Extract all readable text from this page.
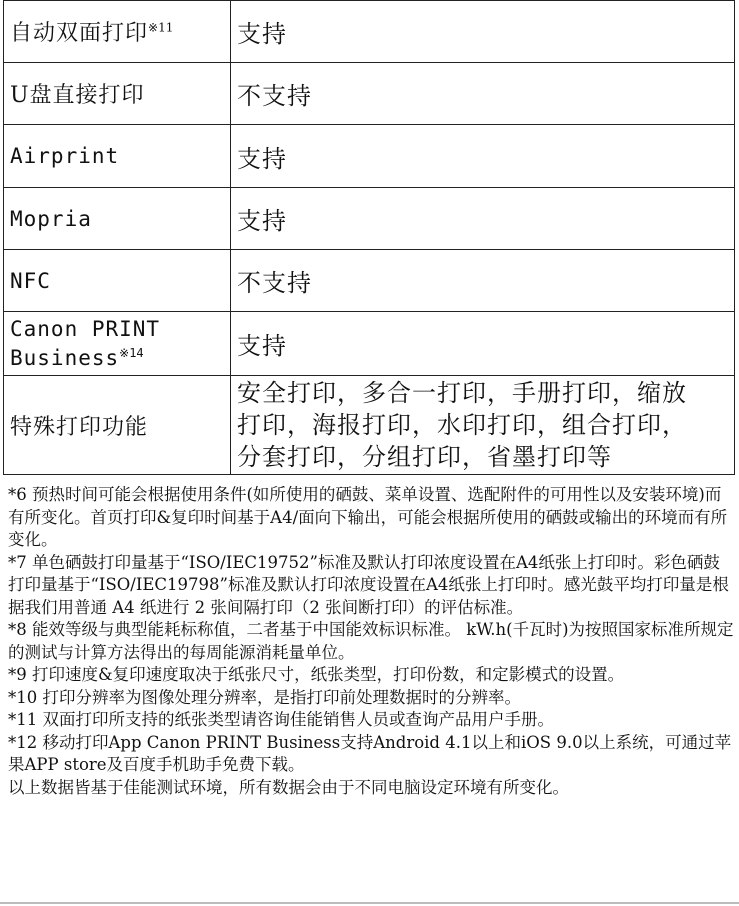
自动双面打印$^{※11}$	支持
U盘直接打印	不支持
Airprint	支持
Mopria	支持
NFC	不支持
Canon PRINT
Business$^{※14}$	支持
特殊打印功能	安全打印，多合一打印，手册打印，缩放
打印，海报打印，水印打印，组合打印，
分套打印，分组打印，省墨打印等

*6 预热时间可能会根据使用条件(如所使用的硒鼓、菜单设置、选配附件的可用性以及安装环境)而有所变化。首页打印&复印时间基于A4/面向下输出，可能会根据所使用的硒鼓或输出的环境而有所变化。

*7 单色硒鼓打印量基于“ISO/IEC19752”标准及默认打印浓度设置在A4纸张上打印时。彩色硒鼓打印量基于“ISO/IEC19798”标准及默认打印浓度设置在A4纸张上打印时。感光鼓平均打印量是根据我们用普通 A4 纸进行 2 张间隔打印（2 张间断打印）的评估标准。

*8 能效等级与典型能耗标称值，二者基于中国能效标识标准。 kW.h(千瓦时)为按照国家标准所规定的测试与计算方法得出的每周能源消耗量单位。

*9 打印速度&复印速度取决于纸张尺寸，纸张类型，打印份数，和定影模式的设置。

*10 打印分辨率为图像处理分辨率，是指打印前处理数据时的分辨率。

*11 双面打印所支持的纸张类型请咨询佳能销售人员或查询产品用户手册。

*12 移动打印App Canon PRINT Business支持Android 4.1以上和iOS 9.0以上系统，可通过苹果APP store及百度手机助手免费下载。

以上数据皆基于佳能测试环境，所有数据会由于不同电脑设定环境有所变化。
